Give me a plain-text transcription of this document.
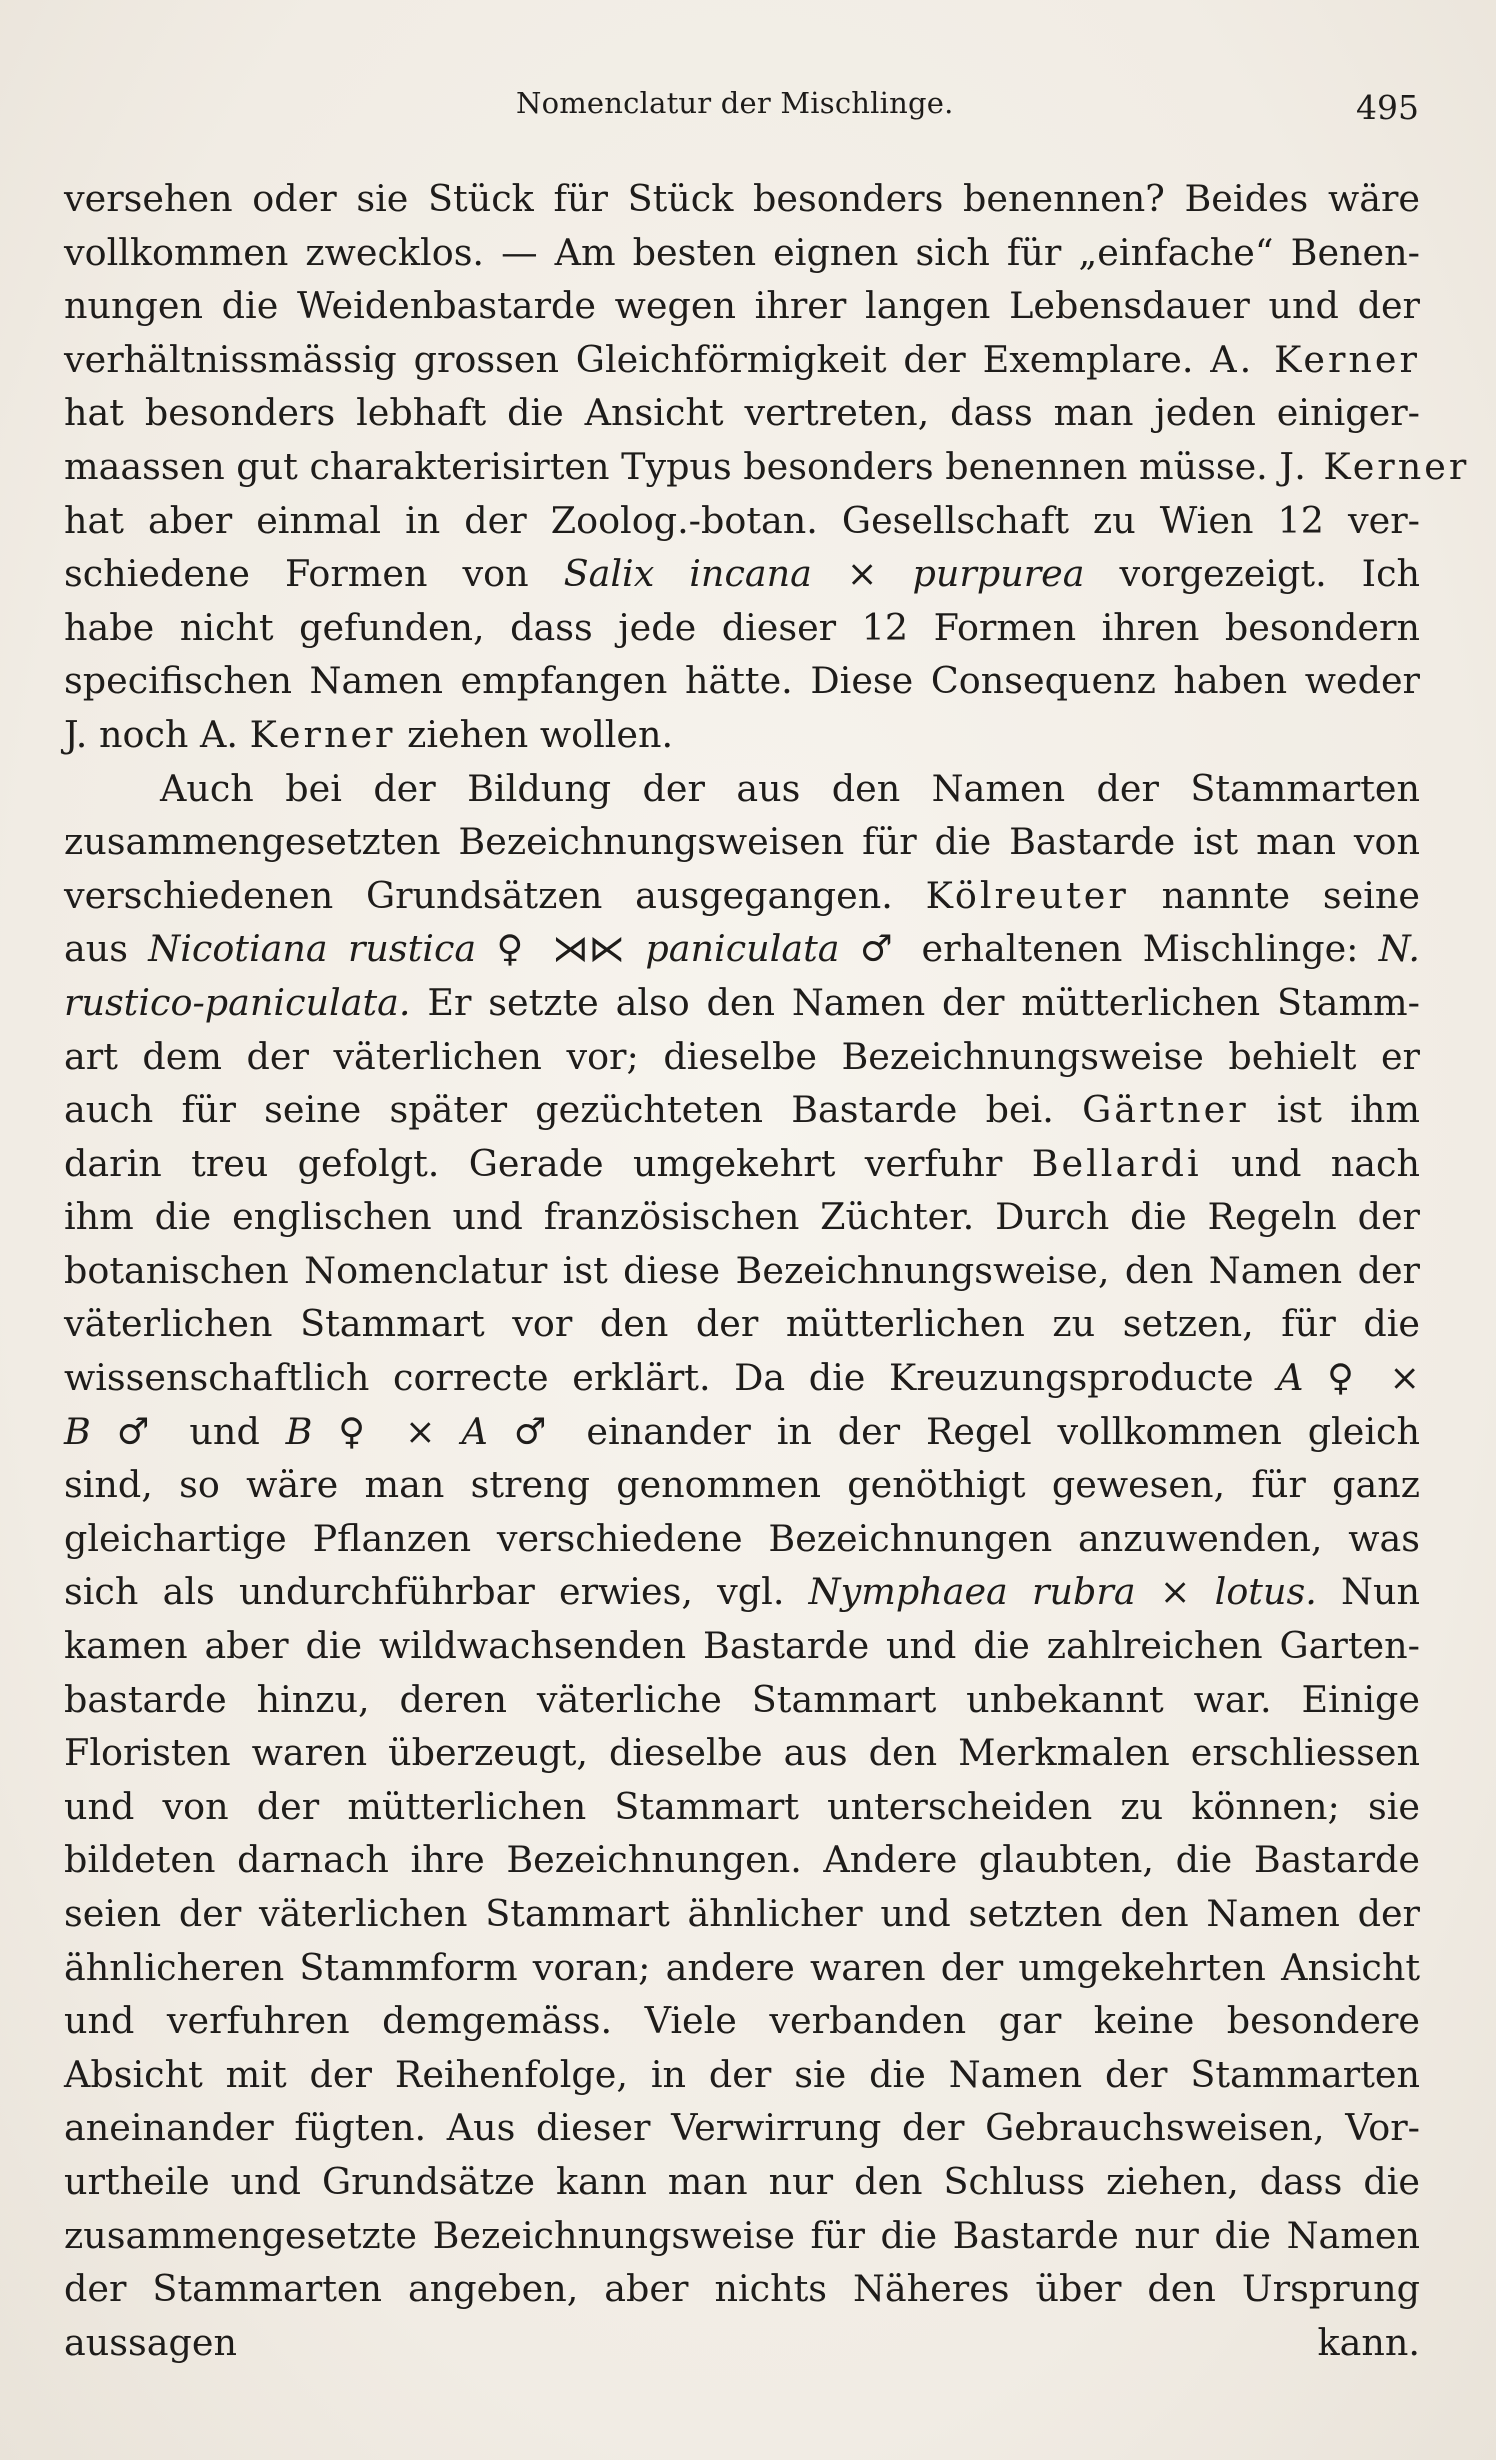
Nomenclatur der Mischlinge.	495
versehen oder sie Stück für Stück besonders benennen? Beides wäre
vollkommen zwecklos. — Am besten eignen sich für „einfache“ Benen-
nungen die Weidenbastarde wegen ihrer langen Lebensdauer und der
verhältnissmässig grossen Gleichförmigkeit der Exemplare. A. Kerner
hat besonders lebhaft die Ansicht vertreten, dass man jeden einiger-
maassen gut charakterisirten Typus besonders benennen müsse. J. Kerner
hat aber einmal in der Zoolog.-botan. Gesellschaft zu Wien 12 ver-
schiedene Formen von Salix incana × purpurea vorgezeigt. Ich
habe nicht gefunden, dass jede dieser 12 Formen ihren besondern
specifischen Namen empfangen hätte. Diese Consequenz haben weder
J. noch A. Kerner ziehen wollen.
Auch bei der Bildung der aus den Namen der Stammarten
zusammengesetzten Bezeichnungsweisen für die Bastarde ist man von
verschiedenen Grundsätzen ausgegangen. Kölreuter nannte seine
aus Nicotiana rustica ♀ ⋊⋉ paniculata ♂ erhaltenen Mischlinge: N.
rustico-paniculata. Er setzte also den Namen der mütterlichen Stamm-
art dem der väterlichen vor; dieselbe Bezeichnungsweise behielt er
auch für seine später gezüchteten Bastarde bei. Gärtner ist ihm
darin treu gefolgt. Gerade umgekehrt verfuhr Bellardi und nach
ihm die englischen und französischen Züchter. Durch die Regeln der
botanischen Nomenclatur ist diese Bezeichnungsweise, den Namen der
väterlichen Stammart vor den der mütterlichen zu setzen, für die
wissenschaftlich correcte erklärt. Da die Kreuzungsproducte A ♀ ×
B ♂ und B ♀ × A ♂ einander in der Regel vollkommen gleich
sind, so wäre man streng genommen genöthigt gewesen, für ganz
gleichartige Pflanzen verschiedene Bezeichnungen anzuwenden, was
sich als undurchführbar erwies, vgl. Nymphaea rubra × lotus. Nun
kamen aber die wildwachsenden Bastarde und die zahlreichen Garten-
bastarde hinzu, deren väterliche Stammart unbekannt war. Einige
Floristen waren überzeugt, dieselbe aus den Merkmalen erschliessen
und von der mütterlichen Stammart unterscheiden zu können; sie
bildeten darnach ihre Bezeichnungen. Andere glaubten, die Bastarde
seien der väterlichen Stammart ähnlicher und setzten den Namen der
ähnlicheren Stammform voran; andere waren der umgekehrten Ansicht
und verfuhren demgemäss. Viele verbanden gar keine besondere
Absicht mit der Reihenfolge, in der sie die Namen der Stammarten
aneinander fügten. Aus dieser Verwirrung der Gebrauchsweisen, Vor-
urtheile und Grundsätze kann man nur den Schluss ziehen, dass die
zusammengesetzte Bezeichnungsweise für die Bastarde nur die Namen
der Stammarten angeben, aber nichts Näheres über den Ursprung
aussagen kann.
